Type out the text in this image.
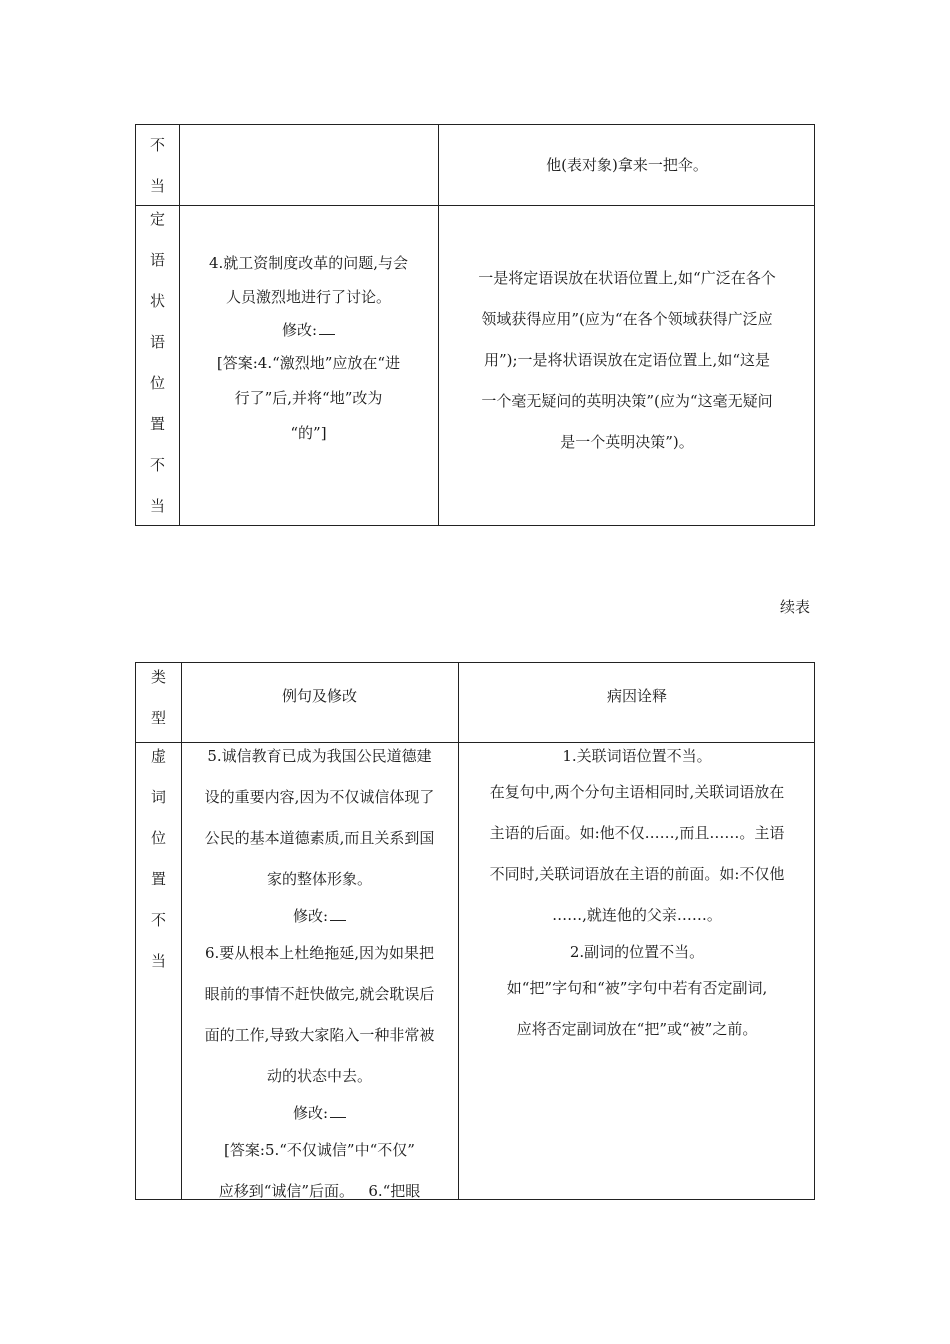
不
当
他(表对象)拿来一把伞。
定
语
状
语
位
置
不
当
4.就工资制度改革的问题,与会
人员激烈地进行了讨论。
修改:
[答案:4.“激烈地”应放在“进
行了”后,并将“地”改为
“的”]
一是将定语误放在状语位置上,如“广泛在各个
领域获得应用”(应为“在各个领域获得广泛应
用”);一是将状语误放在定语位置上,如“这是
一个毫无疑问的英明决策”(应为“这毫无疑问
是一个英明决策”)。
续表
类
型
例句及修改	病因诠释
虚
词
位
置
不
当
5.诚信教育已成为我国公民道德建
设的重要内容,因为不仅诚信体现了
公民的基本道德素质,而且关系到国
家的整体形象。
修改:
6.要从根本上杜绝拖延,因为如果把
眼前的事情不赶快做完,就会耽误后
面的工作,导致大家陷入一种非常被
动的状态中去。
修改:
[答案:5.“不仅诚信”中“不仅”
应移到“诚信”后面。   6.“把眼
1.关联词语位置不当。
在复句中,两个分句主语相同时,关联词语放在
主语的后面。如:他不仅……,而且……。主语
不同时,关联词语放在主语的前面。如:不仅他
……,就连他的父亲……。
2.副词的位置不当。
如“把”字句和“被”字句中若有否定副词,
应将否定副词放在“把”或“被”之前。
